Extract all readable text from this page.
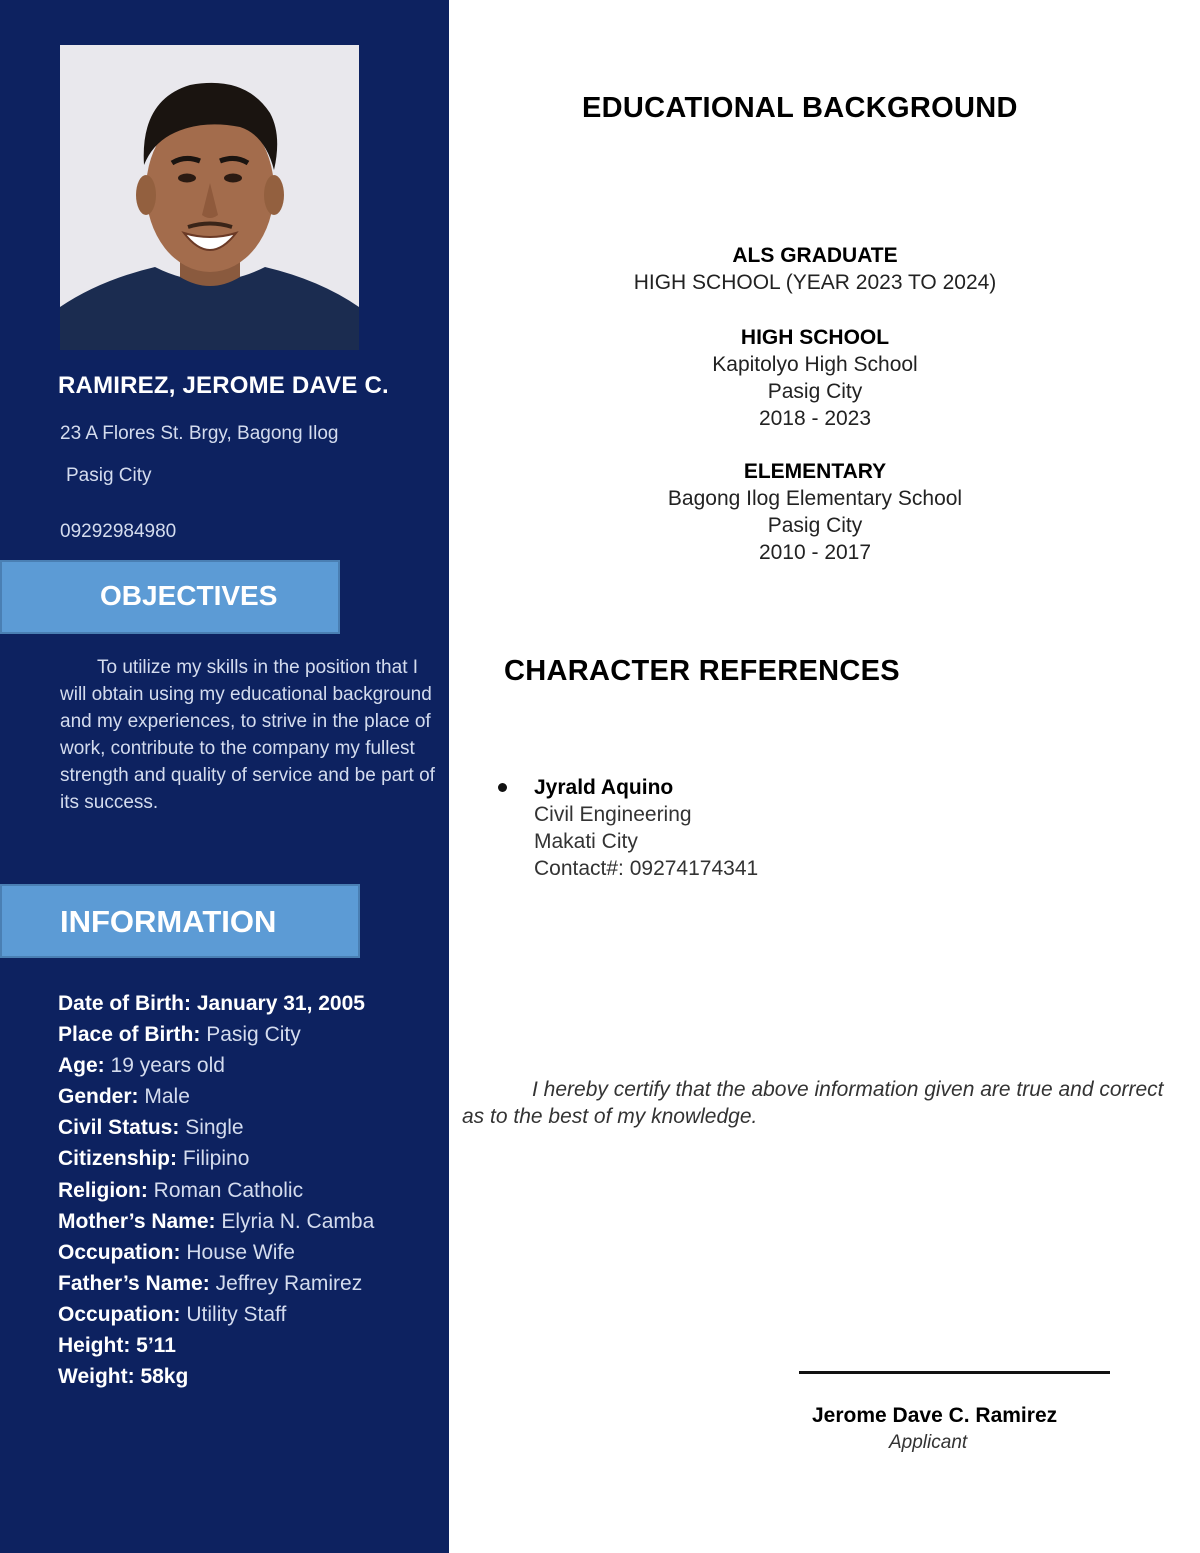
RAMIREZ, JEROME DAVE C.
23 A Flores St. Brgy, Bagong Ilog
Pasig City
09292984980
OBJECTIVES

To utilize my skills in the position that I will obtain using my educational background and my experiences, to strive in the place of work, contribute to the company my fullest strength and quality of service and be part of its success.

INFORMATION
Date of Birth: January 31, 2005
Place of Birth: Pasig City
Age: 19 years old
Gender: Male
Civil Status: Single
Citizenship: Filipino
Religion: Roman Catholic
Mother’s Name: Elyria N. Camba
Occupation: House Wife
Father’s Name: Jeffrey Ramirez
Occupation: Utility Staff
Height: 5’11
Weight: 58kg
EDUCATIONAL BACKGROUND
ALS GRADUATE
HIGH SCHOOL (YEAR 2023 TO 2024)
HIGH SCHOOL
Kapitolyo High School
Pasig City
2018 - 2023
ELEMENTARY
Bagong Ilog Elementary School
Pasig City
2010 - 2017
CHARACTER REFERENCES
Jyrald Aquino
Civil Engineering
Makati City
Contact#: 09274174341

I hereby certify that the above information given are true and correct as to the best of my knowledge.

Jerome Dave C. Ramirez
Applicant
